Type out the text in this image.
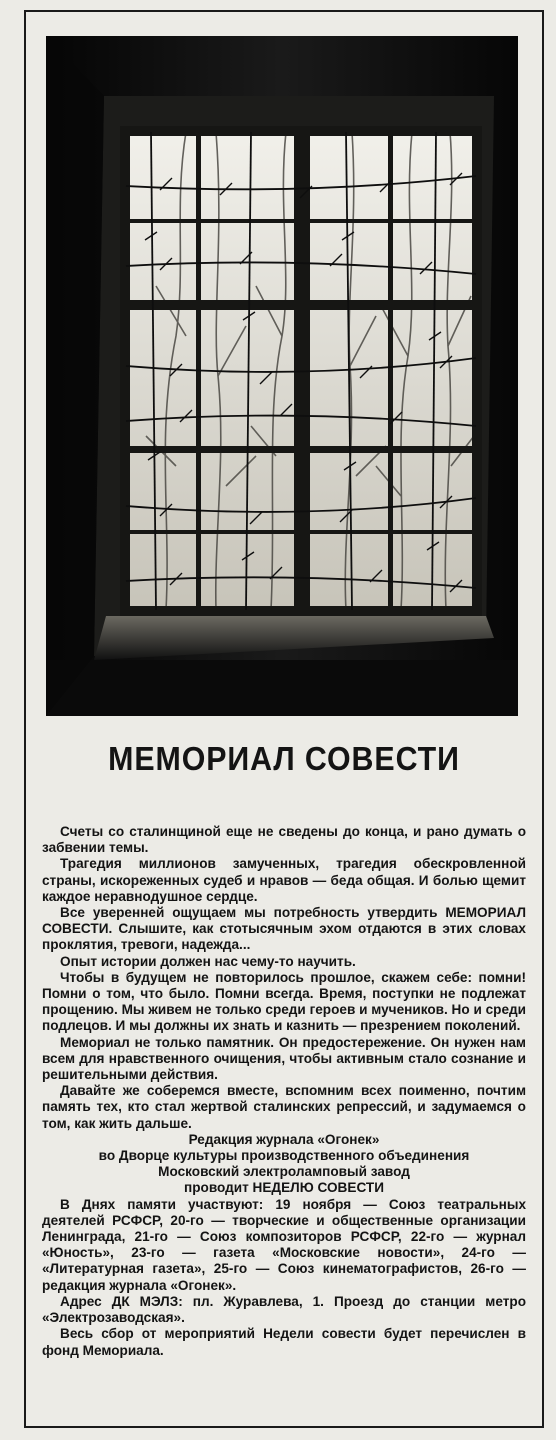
МЕМОРИАЛ СОВЕСТИ

Счеты со сталинщиной еще не сведены до конца, и рано думать о забвении темы.

Трагедия миллионов замученных, трагедия обескровленной страны, искореженных судеб и нравов — беда общая. И болью щемит каждое неравнодушное сердце.

Все уверенней ощущаем мы потребность утвердить МЕМОРИАЛ СОВЕСТИ. Слышите, как стотысячным эхом отдаются в этих словах проклятия, тревоги, надежда...

Опыт истории должен нас чему-то научить.

Чтобы в будущем не повторилось прошлое, скажем себе: помни! Помни о том, что было. Помни всегда. Время, поступки не подлежат прощению. Мы живем не только среди героев и мучеников. Но и среди подлецов. И мы должны их знать и казнить — презрением поколений.

Мемориал не только памятник. Он предостережение. Он нужен нам всем для нравственного очищения, чтобы активным стало сознание и решительными действия.

Давайте же соберемся вместе, вспомним всех поименно, почтим память тех, кто стал жертвой сталинских репрессий, и задумаемся о том, как жить дальше.

Редакция журнала «Огонек»

во Дворце культуры производственного объединения

Московский электроламповый завод

проводит НЕДЕЛЮ СОВЕСТИ

В Днях памяти участвуют: 19 ноября — Союз театральных деятелей РСФСР, 20-го — творческие и общественные организации Ленинграда, 21-го — Союз композиторов РСФСР, 22-го — журнал «Юность», 23-го — газета «Московские новости», 24-го — «Литературная газета», 25-го — Союз кинематографистов, 26-го — редакция журнала «Огонек».

Адрес ДК МЭЛЗ: пл. Журавлева, 1. Проезд до станции метро «Электрозаводская».

Весь сбор от мероприятий Недели совести будет перечислен в фонд Мемориала.
